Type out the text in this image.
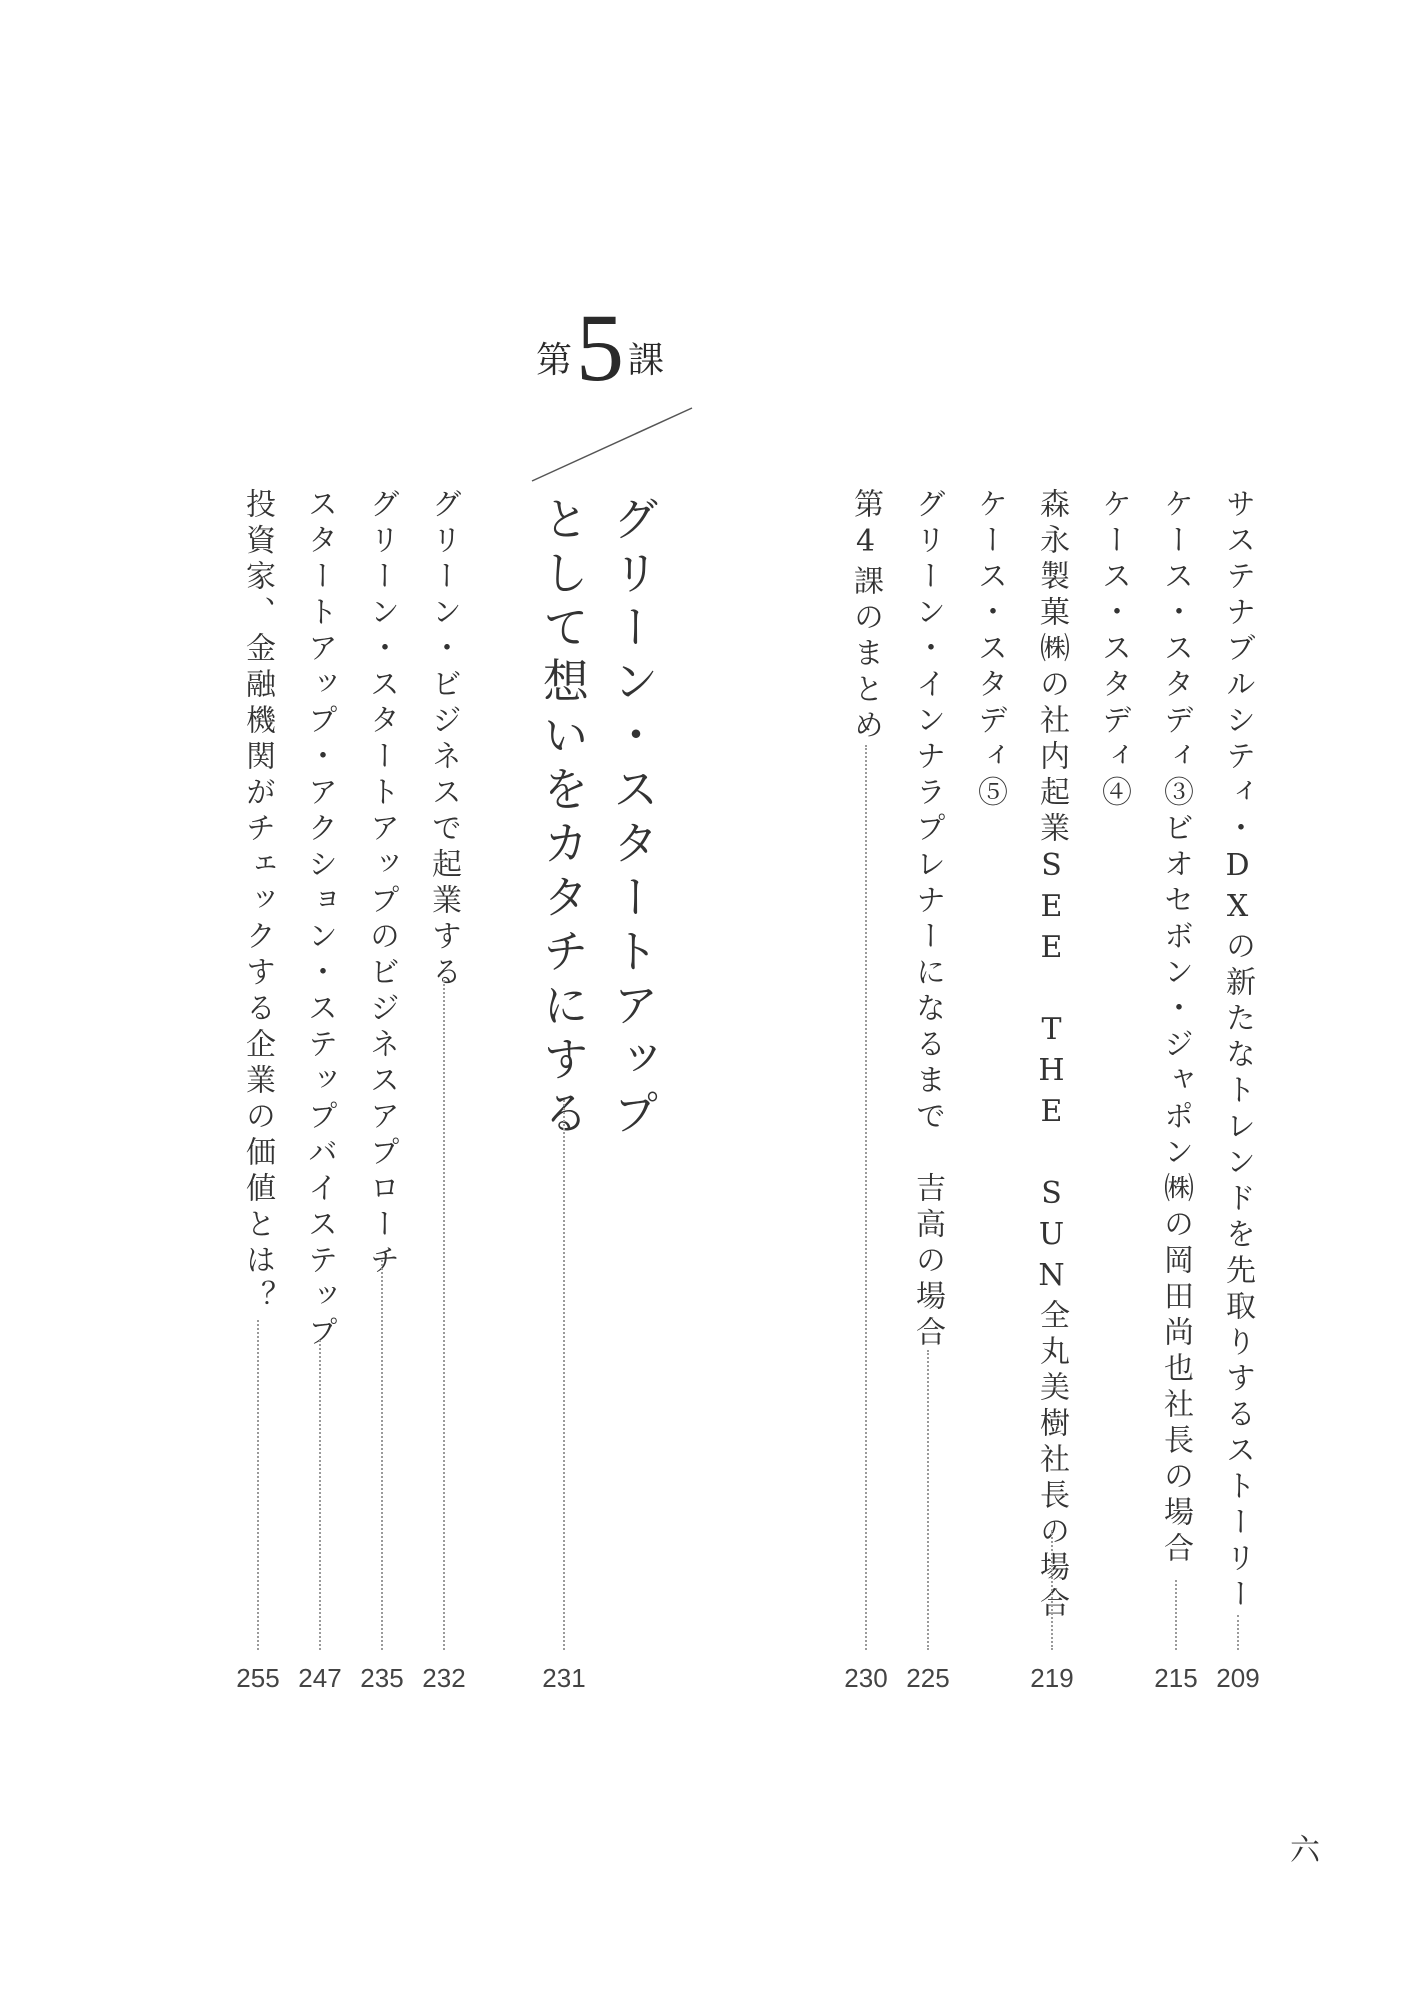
サステナブルシティ・DXの新たなトレンドを先取りするストーリー
209
ケース・スタディ③ビオセボン・ジャポン㈱の岡田尚也社長の場合
215
ケース・スタディ④
森永製菓㈱の社内起業SEE THE SUN全丸美樹社長の場合
219
ケース・スタディ⑤
グリーン・インナラプレナーになるまで　吉高の場合
225
第4課のまとめ
230
第5 課
グリーン・スタートアップ
として想いをカタチにする
231
グリーン・ビジネスで起業する
232
グリーン・スタートアップのビジネスアプローチ
235
スタートアップ・アクション・ステップバイステップ
247
投資家、金融機関がチェックする企業の価値とは？
255
六
